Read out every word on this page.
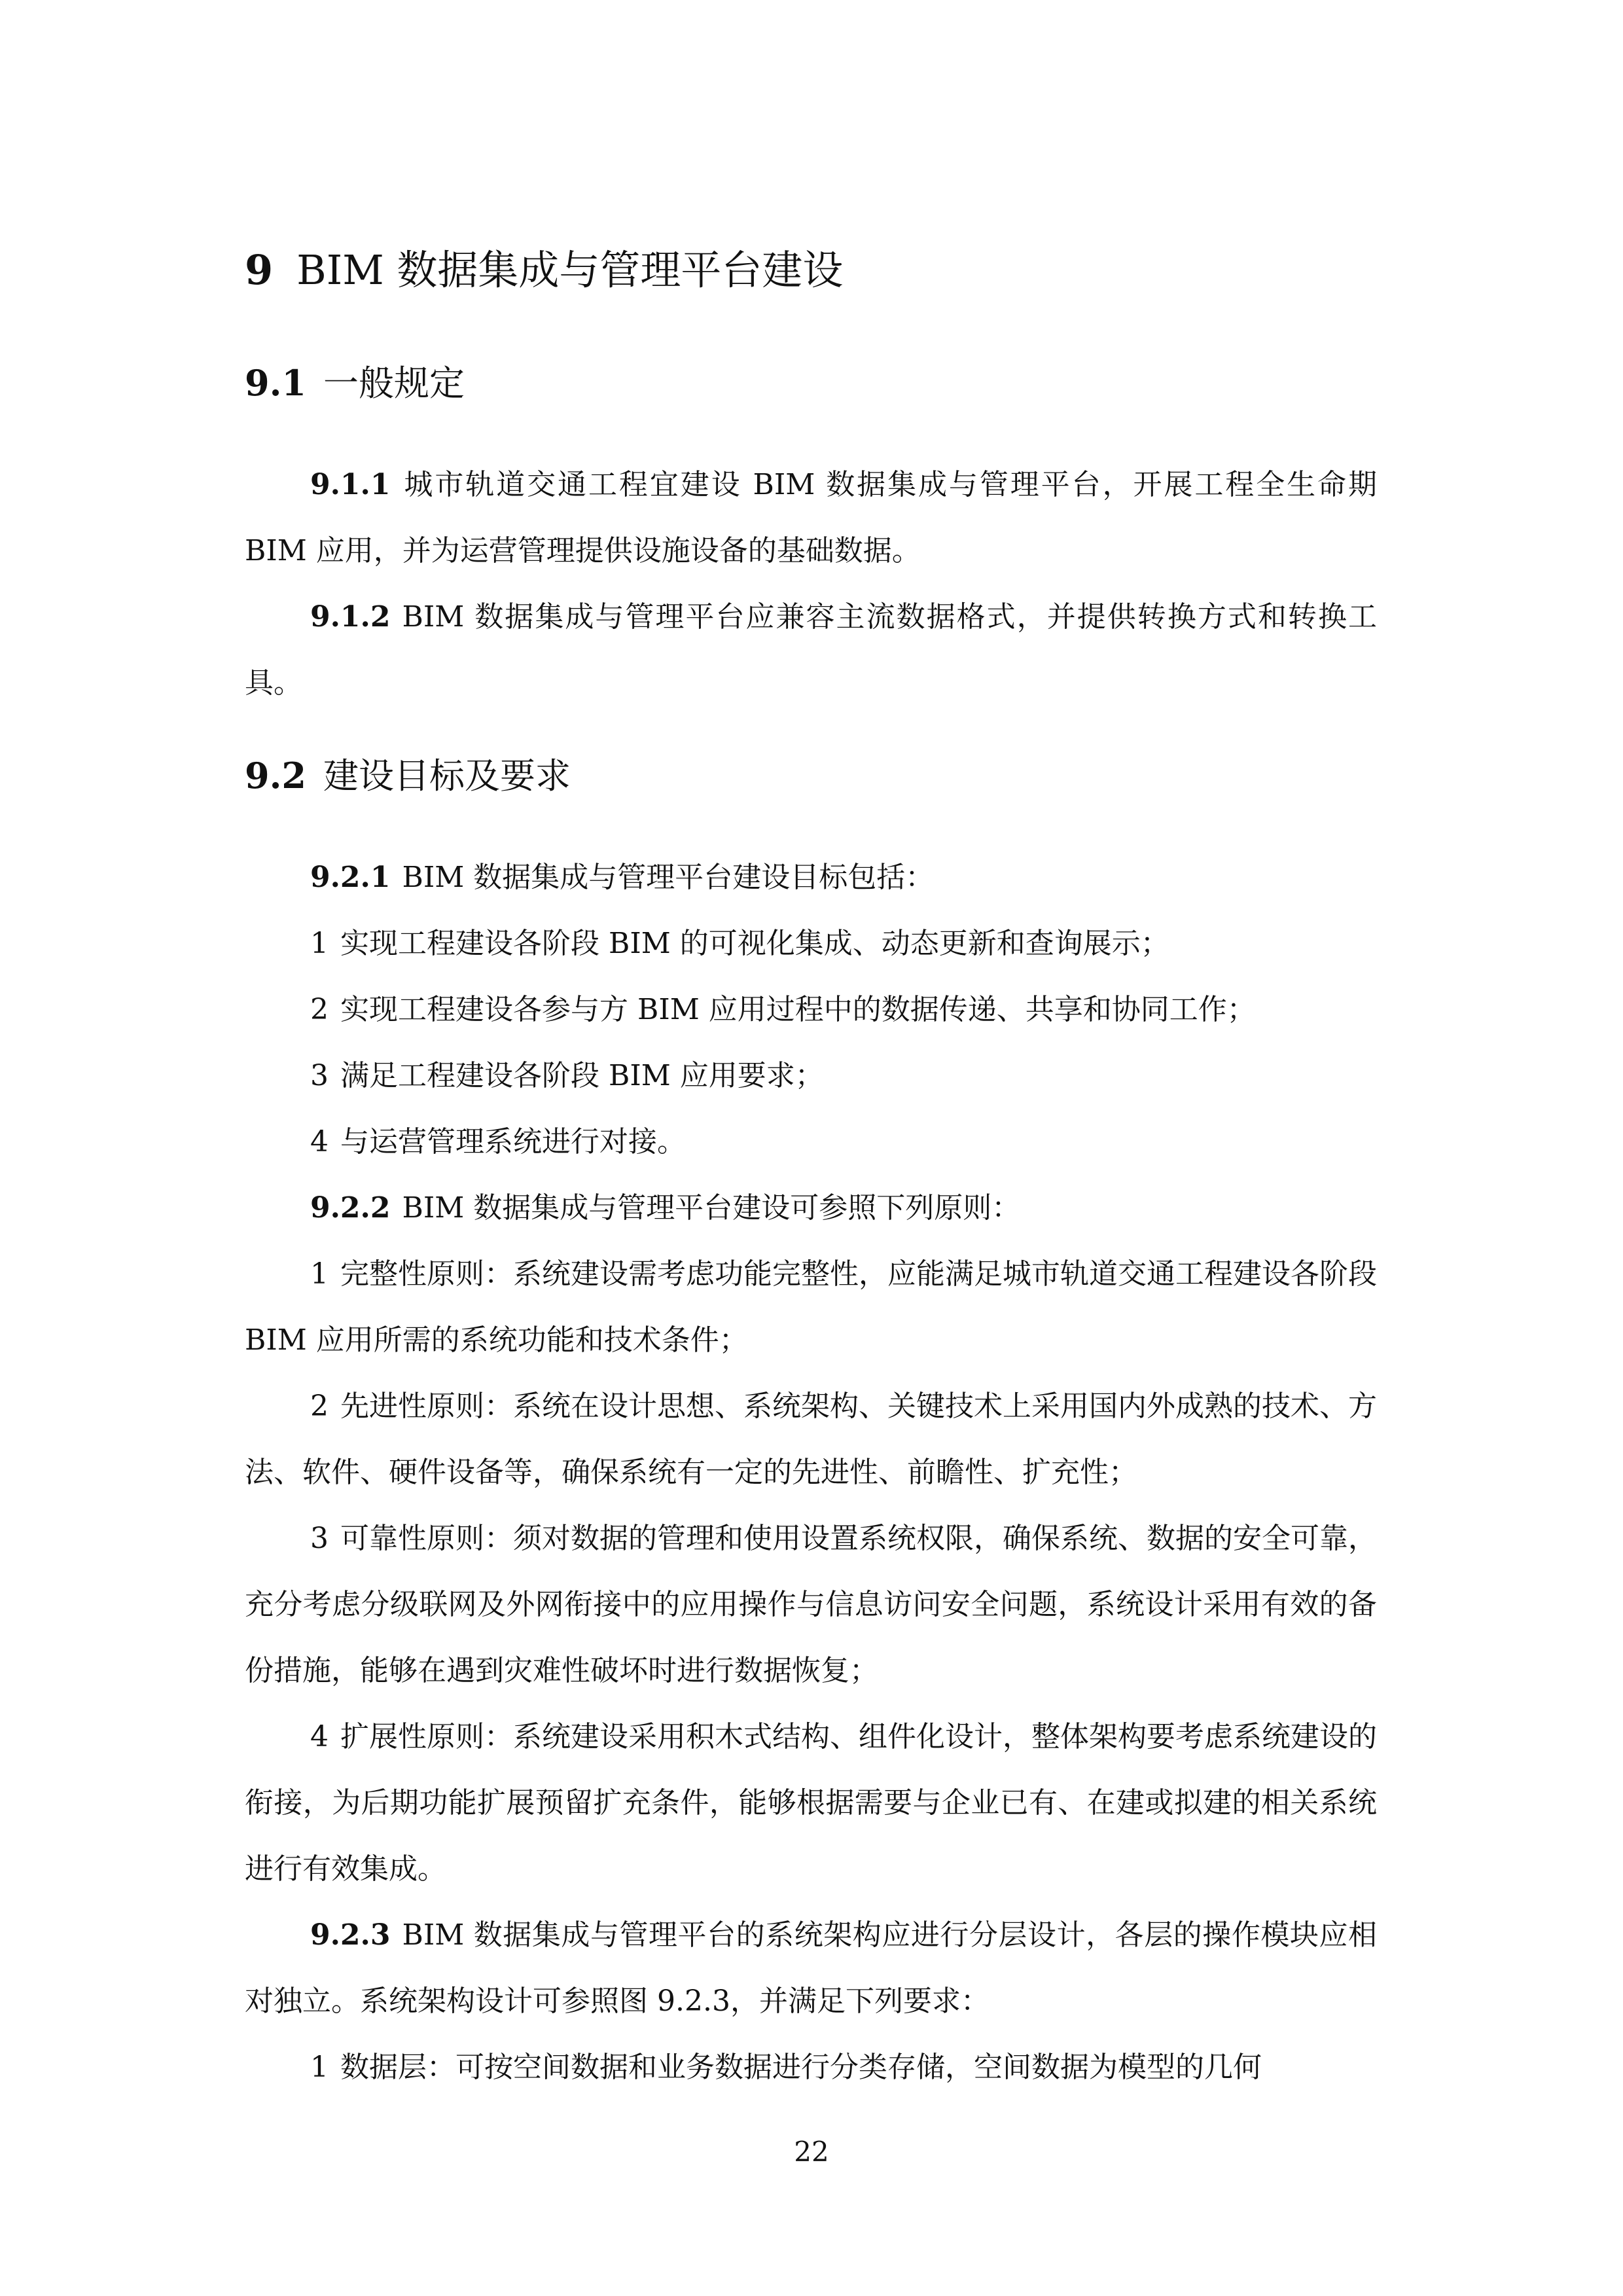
9 BIM 数据集成与管理平台建设
9.1 一般规定

9.1.1 城市轨道交通工程宜建设 BIM 数据集成与管理平台，开展工程全生命期 BIM 应用，并为运营管理提供设施设备的基础数据。

9.1.2 BIM 数据集成与管理平台应兼容主流数据格式，并提供转换方式和转换工具。

9.2 建设目标及要求

9.2.1 BIM 数据集成与管理平台建设目标包括：

1 实现工程建设各阶段 BIM 的可视化集成、动态更新和查询展示；

2 实现工程建设各参与方 BIM 应用过程中的数据传递、共享和协同工作；

3 满足工程建设各阶段 BIM 应用要求；

4 与运营管理系统进行对接。

9.2.2 BIM 数据集成与管理平台建设可参照下列原则：

1 完整性原则：系统建设需考虑功能完整性，应能满足城市轨道交通工程建设各阶段 BIM 应用所需的系统功能和技术条件；

2 先进性原则：系统在设计思想、系统架构、关键技术上采用国内外成熟的技术、方法、软件、硬件设备等，确保系统有一定的先进性、前瞻性、扩充性；

3 可靠性原则：须对数据的管理和使用设置系统权限，确保系统、数据的安全可靠，充分考虑分级联网及外网衔接中的应用操作与信息访问安全问题，系统设计采用有效的备份措施，能够在遇到灾难性破坏时进行数据恢复；

4 扩展性原则：系统建设采用积木式结构、组件化设计，整体架构要考虑系统建设的衔接，为后期功能扩展预留扩充条件，能够根据需要与企业已有、在建或拟建的相关系统进行有效集成。

9.2.3 BIM 数据集成与管理平台的系统架构应进行分层设计，各层的操作模块应相对独立。系统架构设计可参照图 9.2.3，并满足下列要求：

1 数据层：可按空间数据和业务数据进行分类存储，空间数据为模型的几何

22
